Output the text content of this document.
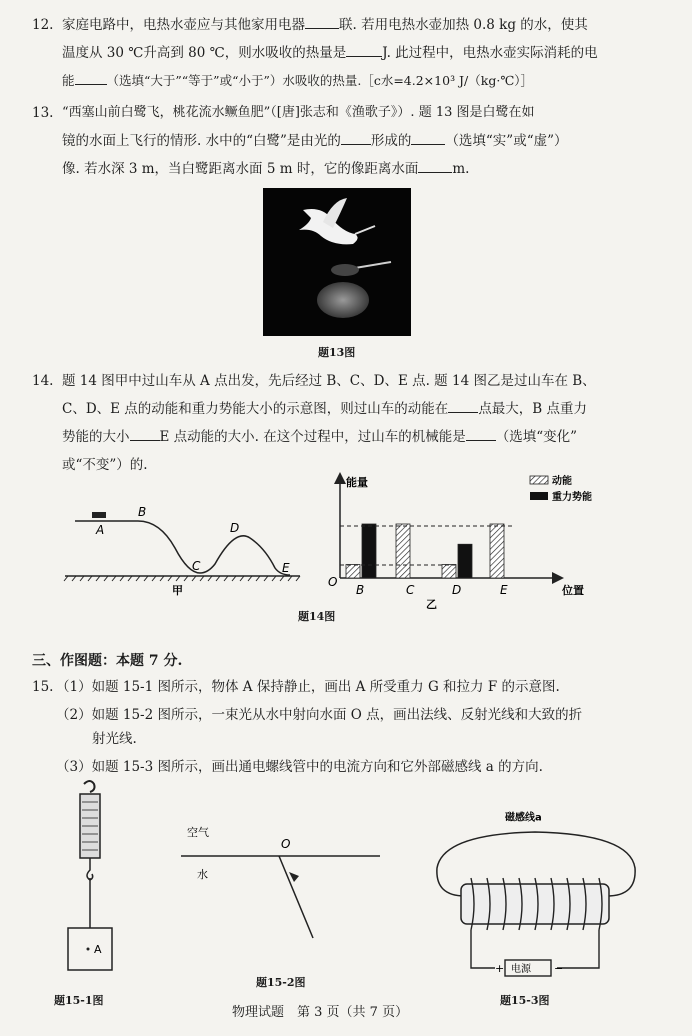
12. 家庭电路中，电热水壶应与其他家用电器	联. 若用电热水壶加热 0.8 kg 的水，使其
温度从 30 ℃升高到 80 ℃，则水吸收的热量是	J. 此过程中，电热水壶实际消耗的电
能	（选填“大于”“等于”或“小于”）水吸收的热量.［c水=4.2×10³ J/（kg·℃）］
13. “西塞山前白鹭飞，桃花流水鳜鱼肥”（[唐]张志和《渔歌子》）. 题 13 图是白鹭在如
镜的水面上飞行的情形. 水中的“白鹭”是由光的 形成的	（选填“实”或“虚”）
像. 若水深 3 m，当白鹭距离水面 5 m 时，它的像距离水面	m.
题13图
14. 题 14 图甲中过山车从 A 点出发，先后经过 B、C、D、E 点. 题 14 图乙是过山车在 B、
C、D、E 点的动能和重力势能大小的示意图，则过山车的动能在 点最大，B 点重力
势能的大小 E 点动能的大小. 在这个过程中，过山车的机械能是 （选填“变化”
或“不变”）的.
A
B
C
D
E
甲
能量
位置
O
B	C	D	E
动能
重力势能
乙
题14图
三、作图题：本题 7 分.
15. （1）如题 15-1 图所示，物体 A 保持静止，画出 A 所受重力 G 和拉力 F 的示意图.
（2）如题 15-2 图所示，一束光从水中射向水面 O 点，画出法线、反射光线和大致的折
射光线.
（3）如题 15-3 图所示，画出通电螺线管中的电流方向和它外部磁感线 a 的方向.
A
题15-1图
空气
O
水
题15-2图
磁感线a
电源
+	−
题15-3图
物理试题　第 3 页（共 7 页）
